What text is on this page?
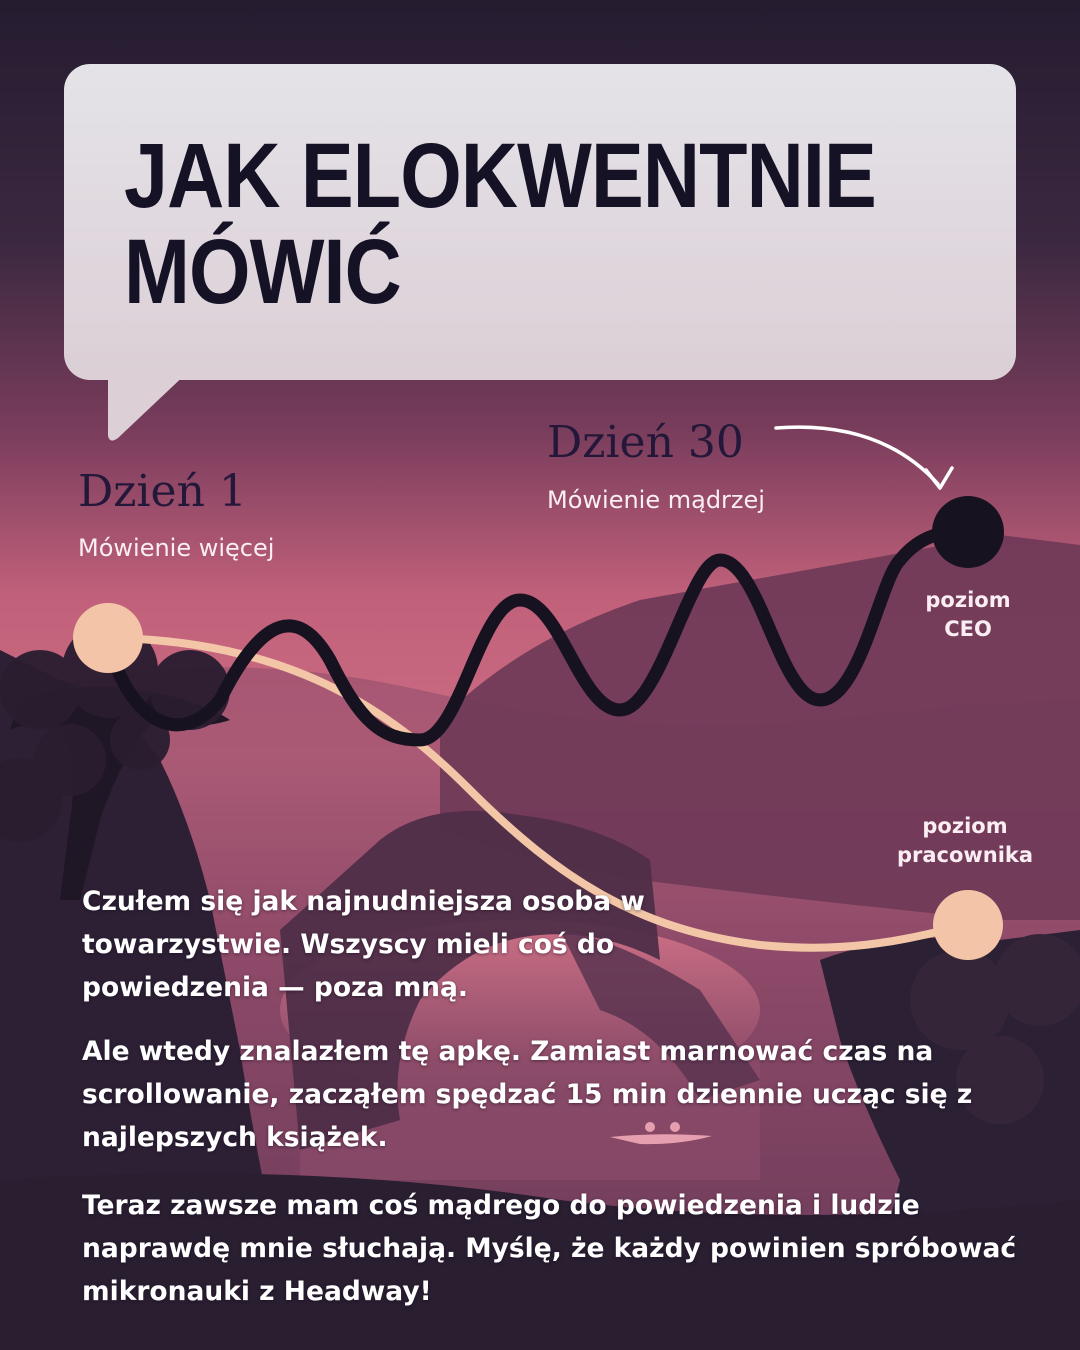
JAK ELOKWENTNIE
MÓWIĆ

Dzień 1

Mówienie więcej

Dzień 30

Mówienie mądrzej

poziom
CEO

poziom
pracownika

Czułem się jak najnudniejsza osoba w towarzystwie. Wszyscy mieli coś do powiedzenia — poza mną.

Ale wtedy znalazłem tę apkę. Zamiast marnować czas na scrollowanie, zacząłem spędzać 15 min dziennie ucząc się z najlepszych książek.

Teraz zawsze mam coś mądrego do powiedzenia i ludzie naprawdę mnie słuchają. Myślę, że każdy powinien spróbować mikronauki z Headway!
